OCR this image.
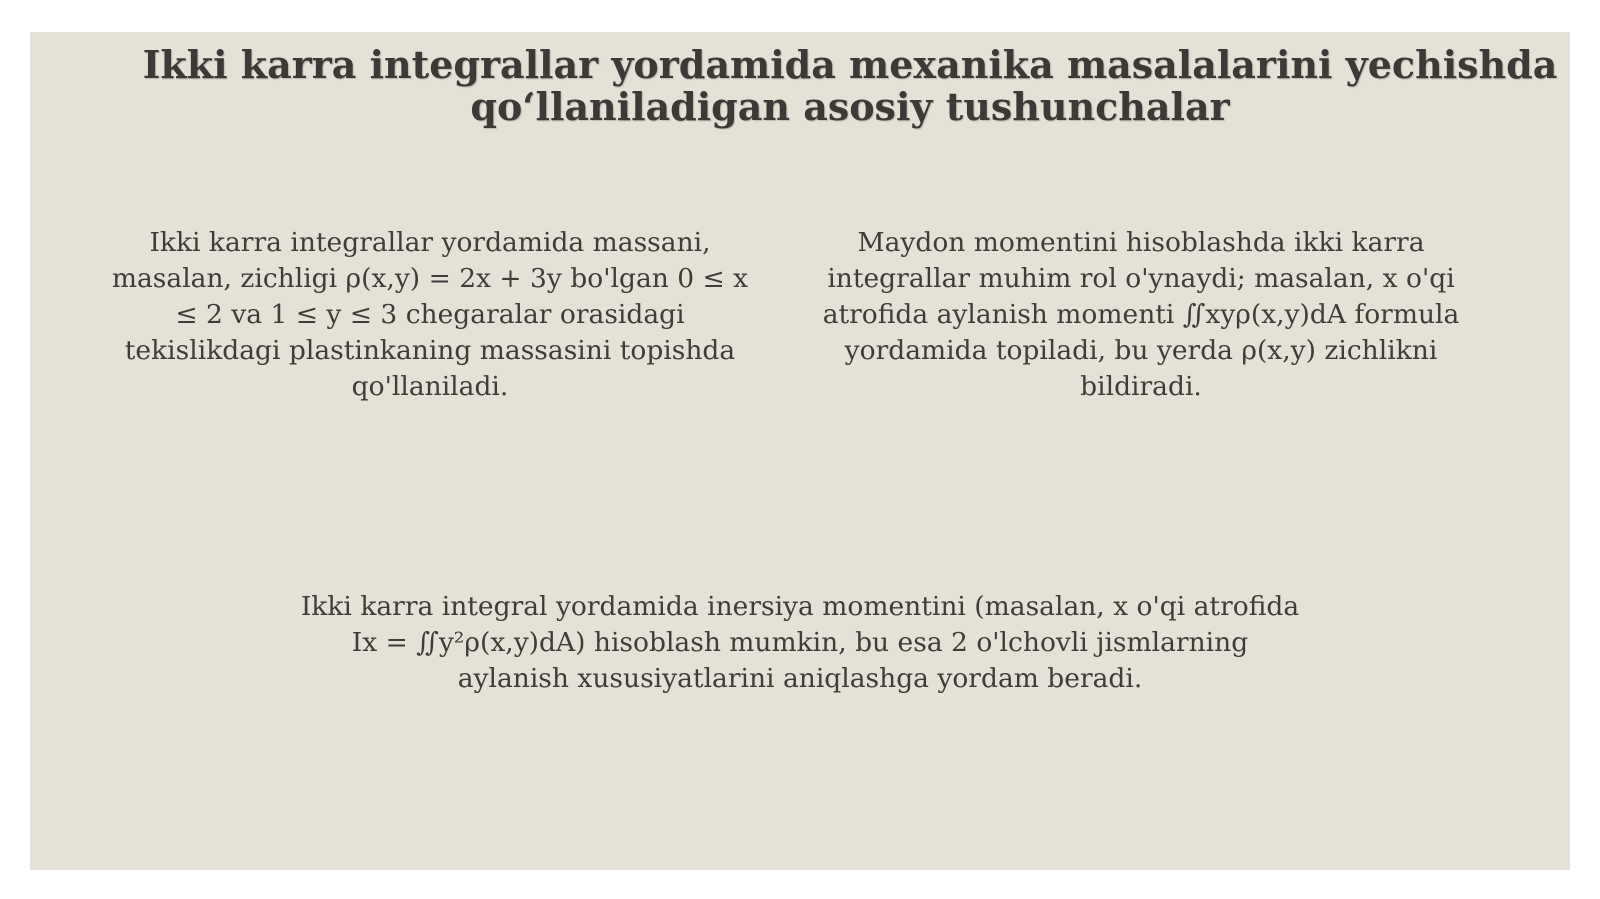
Ikki karra integrallar yordamida mexanika masalalarini yechishda qo‘llaniladigan asosiy tushunchalar

Ikki karra integrallar yordamida massani, masalan, zichligi ρ(x,y) = 2x + 3y bo'lgan 0 ≤ x ≤ 2 va 1 ≤ y ≤ 3 chegaralar orasidagi tekislikdagi plastinkaning massasini topishda qo'llaniladi.

Maydon momentini hisoblashda ikki karra integrallar muhim rol o'ynaydi; masalan, x o'qi atrofida aylanish momenti ∬xyρ(x,y)dA formula yordamida topiladi, bu yerda ρ(x,y) zichlikni bildiradi.

Ikki karra integral yordamida inersiya momentini (masalan, x o'qi atrofida Ix = ∬y²ρ(x,y)dA) hisoblash mumkin, bu esa 2 o'lchovli jismlarning aylanish xususiyatlarini aniqlashga yordam beradi.
